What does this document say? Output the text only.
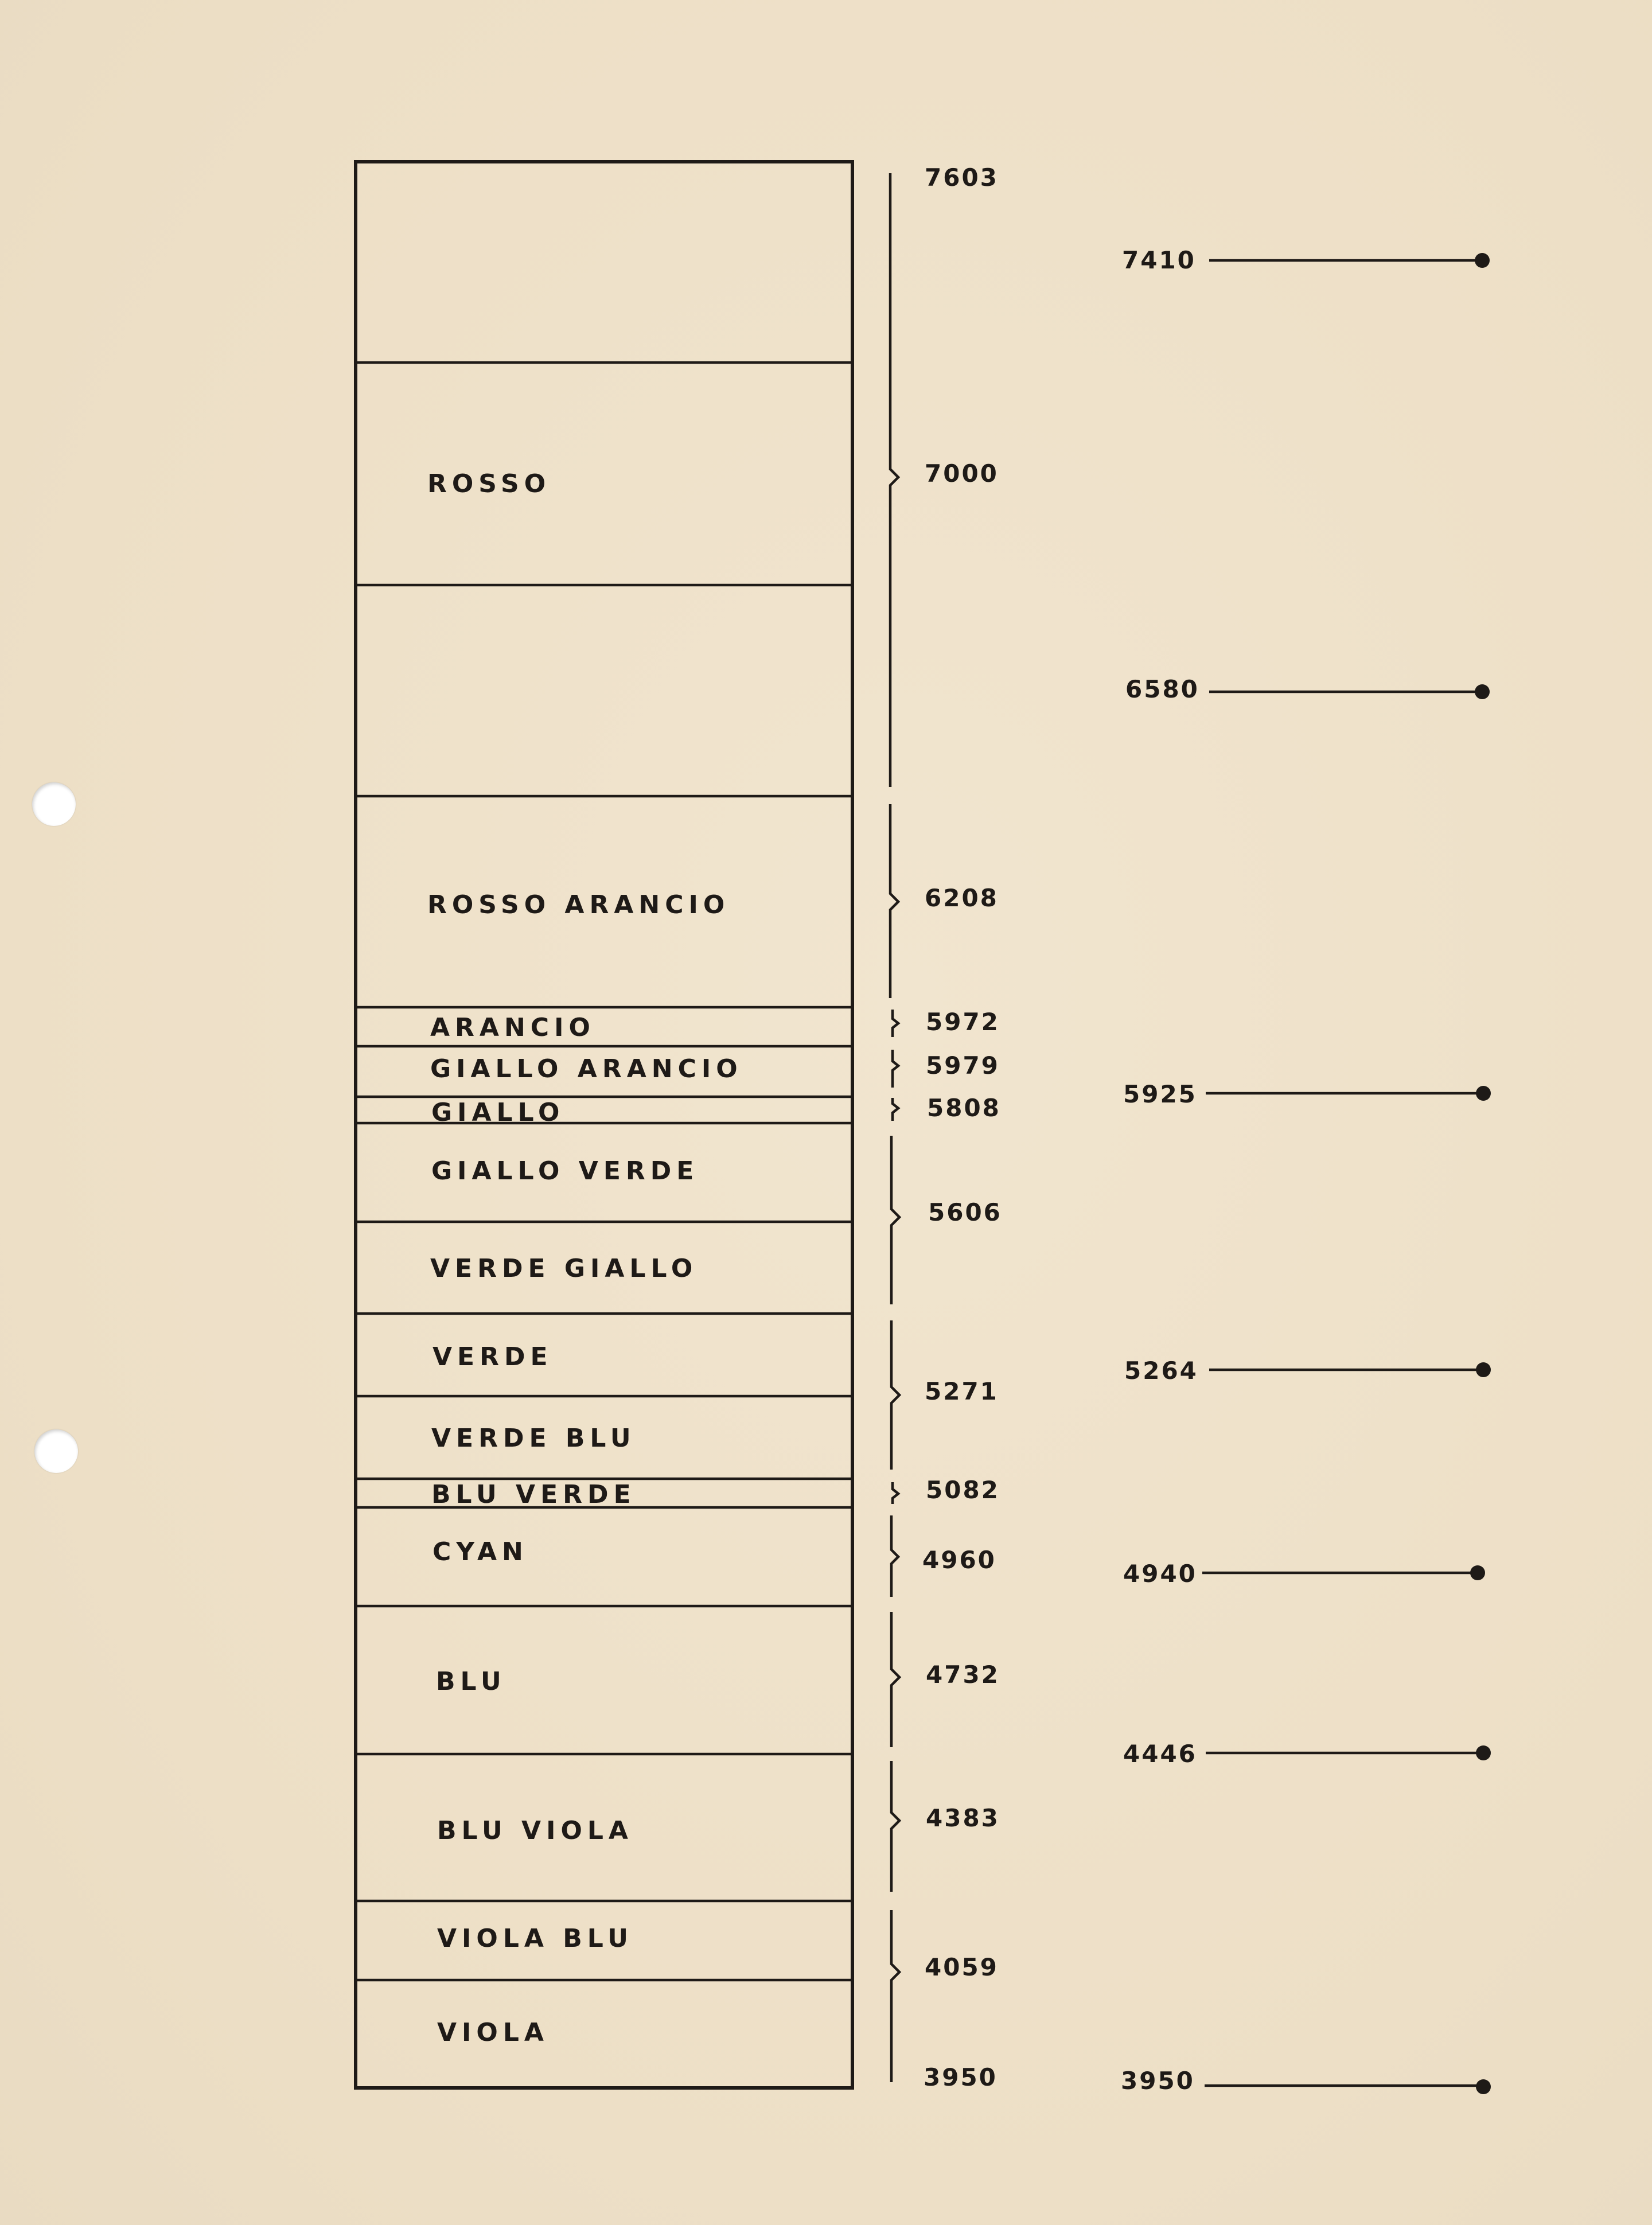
ROSSO
ROSSO ARANCIO
ARANCIO
GIALLO ARANCIO
GIALLO
GIALLO VERDE
VERDE GIALLO
VERDE
VERDE BLU
BLU VERDE
CYAN
BLU
BLU VIOLA
VIOLA BLU
VIOLA
7603
7000
6208
5972
5979
5808
5606
5271
5082
4960
4732
4383
4059
3950
7410
6580
5925
5264
4940
4446
3950
